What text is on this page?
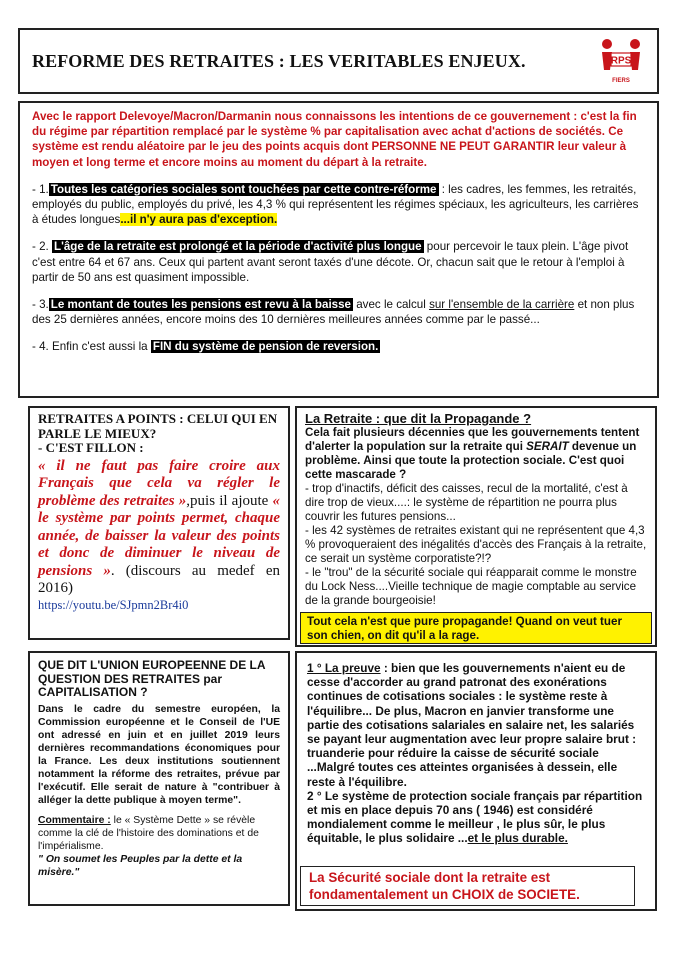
REFORME DES RETRAITES : LES VERITABLES ENJEUX.	RPS
FIERS
Avec le rapport Delevoye/Macron/Darmanin nous connaissons les intentions de ce gouvernement : c'est la fin du régime par répartition remplacé par le système % par capitalisation avec achat d'actions de sociétés. Ce système est rendu aléatoire par le jeu des points acquis dont PERSONNE NE PEUT GARANTIR leur valeur à moyen et long terme et encore moins au moment du départ à la retraite.
- 1. Toutes les catégories sociales sont touchées par cette contre-réforme : les cadres, les femmes, les retraités, employés du public, employés du privé, les 4,3 % qui représentent les régimes spéciaux, les agriculteurs, les carrières à études longues...il n'y aura pas d'exception.
- 2. L'âge de la retraite est prolongé et la période d'activité plus longue pour percevoir le taux plein. L'âge pivot c'est entre 64 et 67 ans. Ceux qui partent avant seront taxés d'une décote. Or, chacun sait que le retour à l'emploi à partir de 50 ans est quasiment impossible.
- 3. Le montant de toutes les pensions est revu à la baisse avec le calcul sur l'ensemble de la carrière et non plus des 25 dernières années, encore moins des 10 dernières meilleures années comme par le passé...
- 4. Enfin c'est aussi la FIN du système de pension de reversion.
RETRAITES A POINTS : CELUI QUI EN PARLE LE MIEUX?
- C'EST FILLON :
« il ne faut pas faire croire aux Français que cela va régler le problème des retraites »,puis il ajoute « le système par points permet, chaque année, de baisser la valeur des points et donc de diminuer le niveau de pensions ». (discours au medef en 2016)
https://youtu.be/SJpmn2Br4i0
La Retraite : que dit la Propagande ?
Cela fait plusieurs décennies que les gouvernements tentent d'alerter la population sur la retraite qui SERAIT devenue un problème. Ainsi que toute la protection sociale. C'est quoi cette mascarade ?
- trop d'inactifs, déficit des caisses, recul de la mortalité, c'est à dire trop de vieux....: le système de répartition ne pourra plus couvrir les futures pensions...
- les 42 systèmes de retraites existant qui ne représentent que 4,3 % provoqueraient des inégalités d'accès des Français à la retraite, ce serait un système corporatiste?!?
- le "trou" de la sécurité sociale qui réapparait comme le monstre du Lock Ness....Vieille technique de magie comptable au service de la grande bourgeoisie!
Tout cela n'est que pure propagande! Quand on veut tuer son chien, on dit qu'il a la rage.
QUE DIT L'UNION EUROPEENNE DE LA QUESTION DES RETRAITES par CAPITALISATION ?
Dans le cadre du semestre européen, la Commission européenne et le Conseil de l'UE ont adressé en juin et en juillet 2019 leurs dernières recommandations économiques pour la France. Les deux institutions soutiennent notamment la réforme des retraites, prévue par l'exécutif. Elle serait de nature à "contribuer à alléger la dette publique à moyen terme".
Commentaire : le « Système Dette » se révèle comme la clé de l'histoire des dominations et de l'impérialisme.
" On soumet les Peuples par la dette et la misère."
1 ° La preuve : bien que les gouvernements n'aient eu de cesse d'accorder au grand patronat des exonérations continues de cotisations sociales : le système reste à l'équilibre... De plus, Macron en janvier transforme une partie des cotisations salariales en salaire net, les salariés se payant leur augmentation avec leur propre salaire brut : truanderie pour réduire la caisse de sécurité sociale ...Malgré toutes ces atteintes organisées à dessein, elle reste à l'équilibre.
2 ° Le système de protection sociale français par répartition et mis en place depuis 70 ans ( 1946) est considéré mondialement comme le meilleur , le plus sûr, le plus équitable, le plus solidaire ...et le plus durable.
La Sécurité sociale dont la retraite est fondamentalement un CHOIX de SOCIETE.
